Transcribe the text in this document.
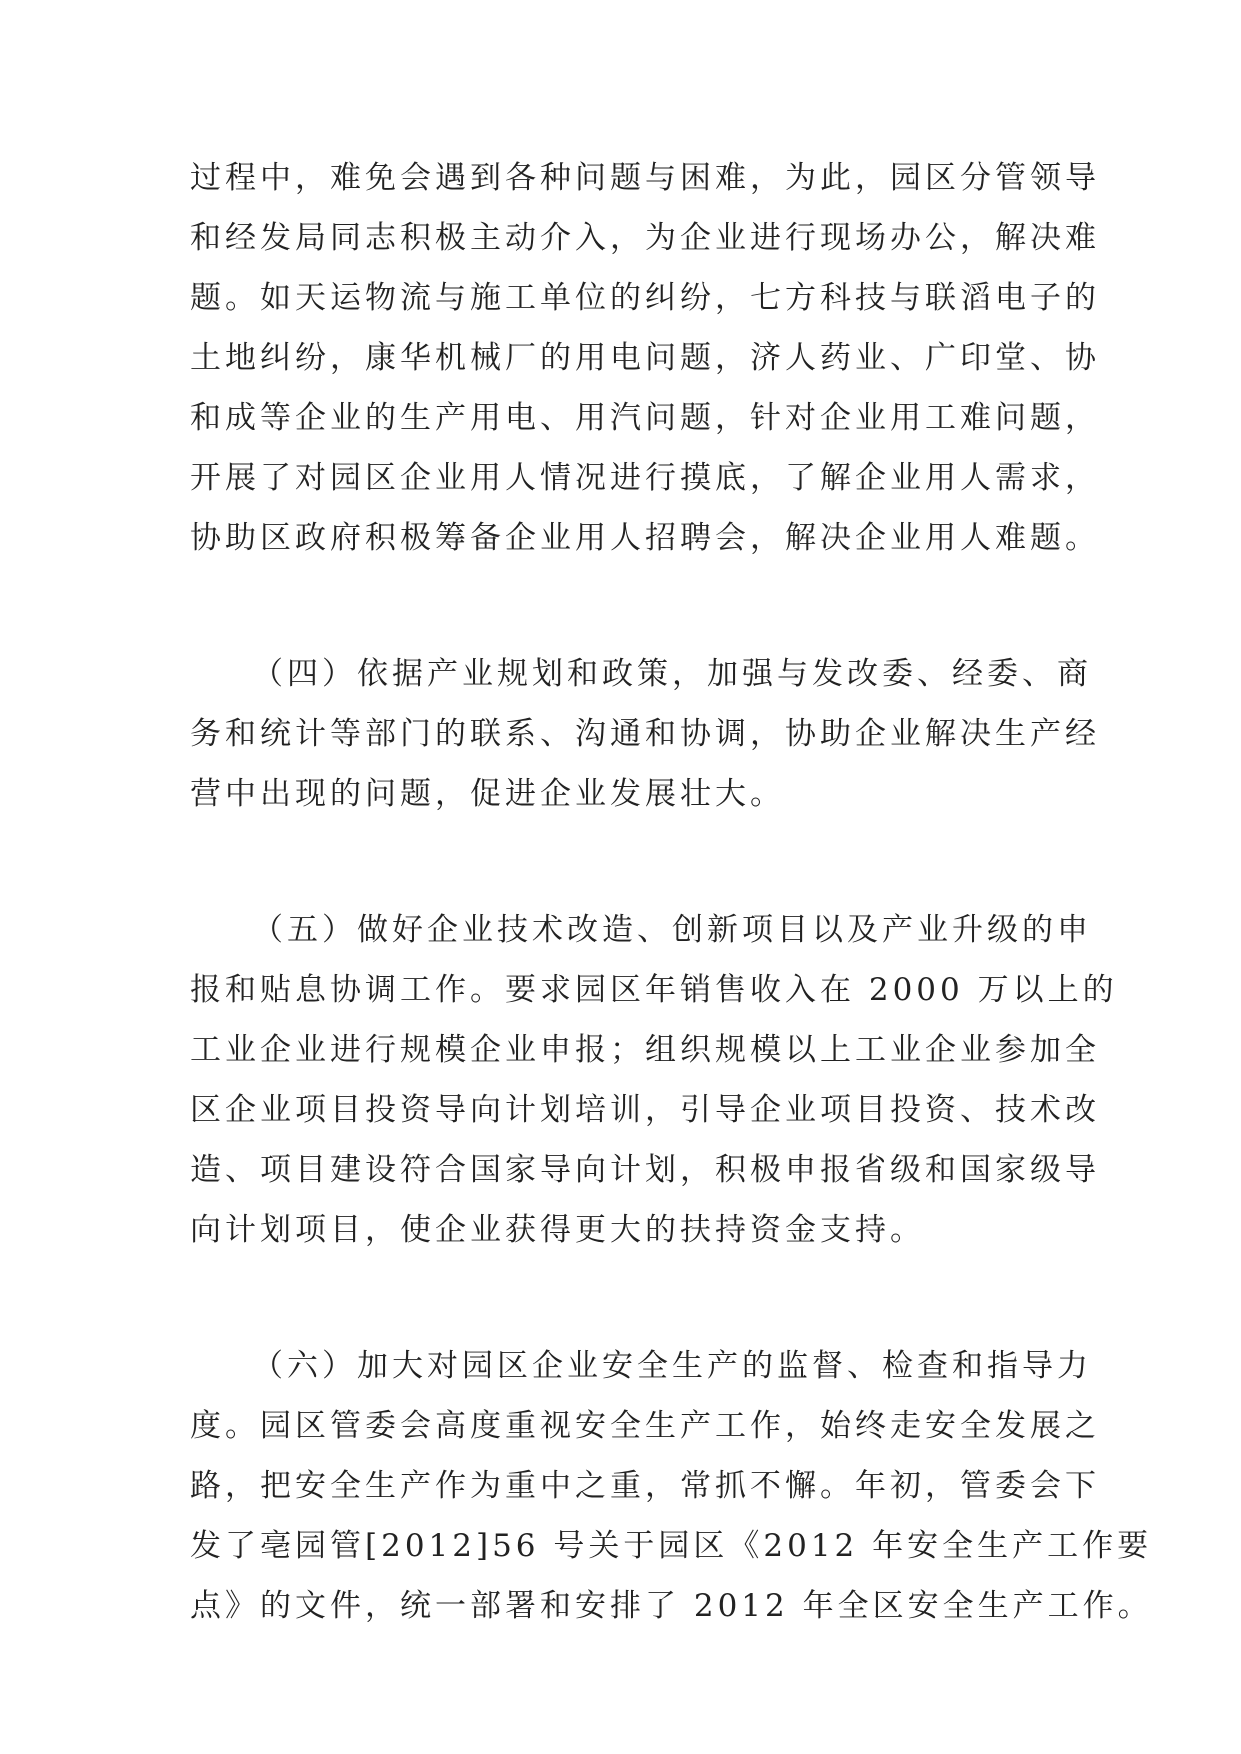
过程中，难免会遇到各种问题与困难，为此，园区分管领导
和经发局同志积极主动介入，为企业进行现场办公，解决难
题。如天运物流与施工单位的纠纷，七方科技与联滔电子的
土地纠纷，康华机械厂的用电问题，济人药业、广印堂、协
和成等企业的生产用电、用汽问题，针对企业用工难问题，
开展了对园区企业用人情况进行摸底，了解企业用人需求，
协助区政府积极筹备企业用人招聘会，解决企业用人难题。
（四）依据产业规划和政策，加强与发改委、经委、商
务和统计等部门的联系、沟通和协调，协助企业解决生产经
营中出现的问题，促进企业发展壮大。
（五）做好企业技术改造、创新项目以及产业升级的申
报和贴息协调工作。要求园区年销售收入在 2000 万以上的
工业企业进行规模企业申报；组织规模以上工业企业参加全
区企业项目投资导向计划培训，引导企业项目投资、技术改
造、项目建设符合国家导向计划，积极申报省级和国家级导
向计划项目，使企业获得更大的扶持资金支持。
（六）加大对园区企业安全生产的监督、检查和指导力
度。园区管委会高度重视安全生产工作，始终走安全发展之
路，把安全生产作为重中之重，常抓不懈。年初，管委会下
发了亳园管[2012]56 号关于园区《2012 年安全生产工作要
点》的文件，统一部署和安排了 2012 年全区安全生产工作。
